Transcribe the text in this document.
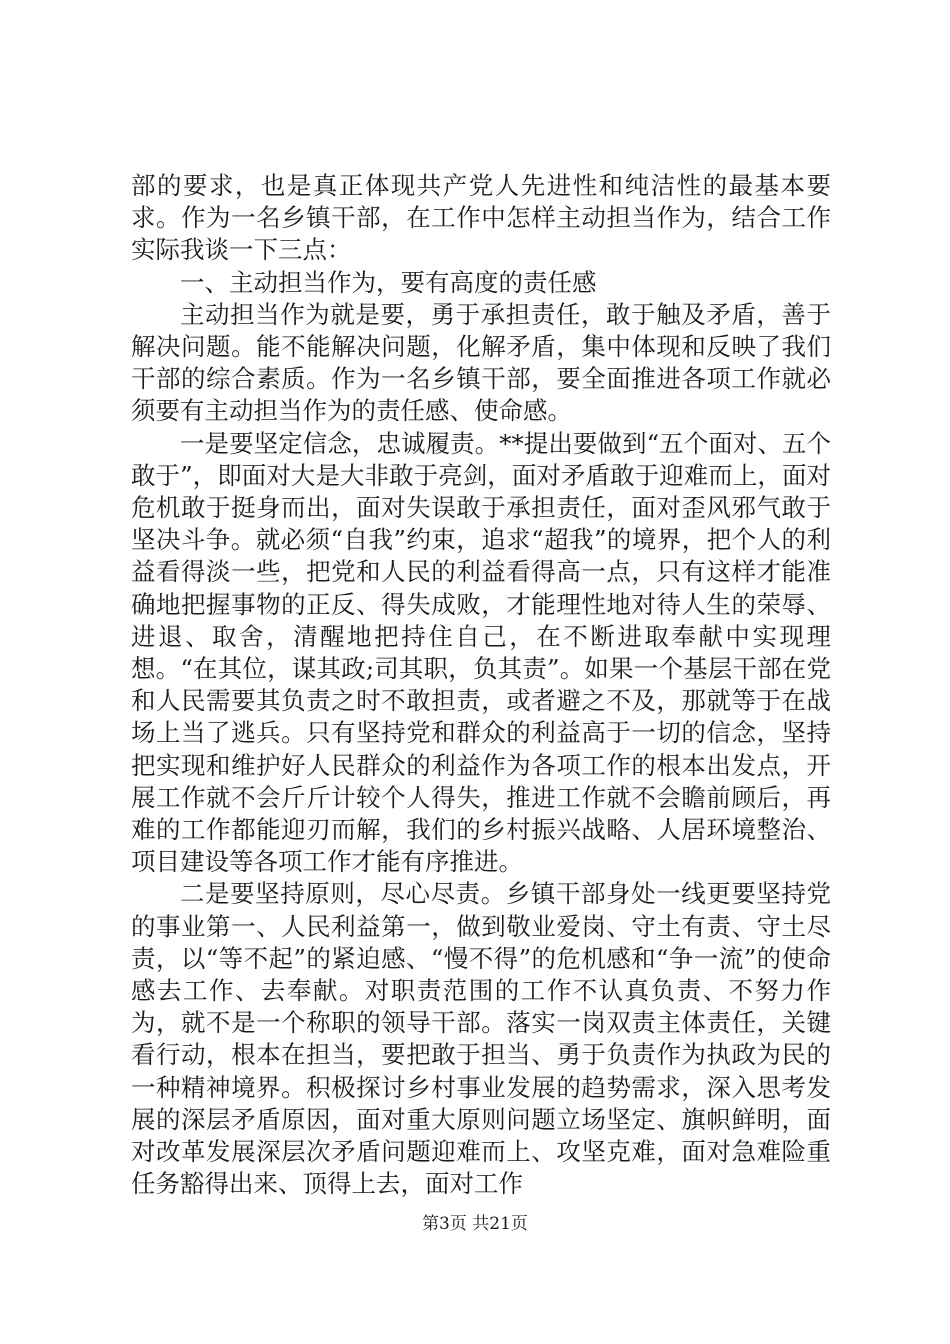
部的要求，也是真正体现共产党人先进性和纯洁性的最基本要求。作为一名乡镇干部，在工作中怎样主动担当作为，结合工作实际我谈一下三点：

一、主动担当作为，要有高度的责任感

主动担当作为就是要，勇于承担责任，敢于触及矛盾，善于解决问题。能不能解决问题，化解矛盾，集中体现和反映了我们干部的综合素质。作为一名乡镇干部，要全面推进各项工作就必须要有主动担当作为的责任感、使命感。

一是要坚定信念，忠诚履责。**提出要做到“五个面对、五个敢于”，即面对大是大非敢于亮剑，面对矛盾敢于迎难而上，面对危机敢于挺身而出，面对失误敢于承担责任，面对歪风邪气敢于坚决斗争。就必须“自我”约束，追求“超我”的境界，把个人的利益看得淡一些，把党和人民的利益看得高一点，只有这样才能准确地把握事物的正反、得失成败，才能理性地对待人生的荣辱、进退、取舍，清醒地把持住自己，在不断进取奉献中实现理想。“在其位，谋其政;司其职，负其责”。如果一个基层干部在党和人民需要其负责之时不敢担责，或者避之不及，那就等于在战场上当了逃兵。只有坚持党和群众的利益高于一切的信念，坚持把实现和维护好人民群众的利益作为各项工作的根本出发点，开展工作就不会斤斤计较个人得失，推进工作就不会瞻前顾后，再难的工作都能迎刃而解，我们的乡村振兴战略、人居环境整治、项目建设等各项工作才能有序推进。

二是要坚持原则，尽心尽责。乡镇干部身处一线更要坚持党的事业第一、人民利益第一，做到敬业爱岗、守土有责、守土尽责，以“等不起”的紧迫感、“慢不得”的危机感和“争一流”的使命感去工作、去奉献。对职责范围的工作不认真负责、不努力作为，就不是一个称职的领导干部。落实一岗双责主体责任，关键看行动，根本在担当，要把敢于担当、勇于负责作为执政为民的一种精神境界。积极探讨乡村事业发展的趋势需求，深入思考发展的深层矛盾原因，面对重大原则问题立场坚定、旗帜鲜明，面对改革发展深层次矛盾问题迎难而上、攻坚克难，面对急难险重任务豁得出来、顶得上去，面对工作

第3页 共21页
